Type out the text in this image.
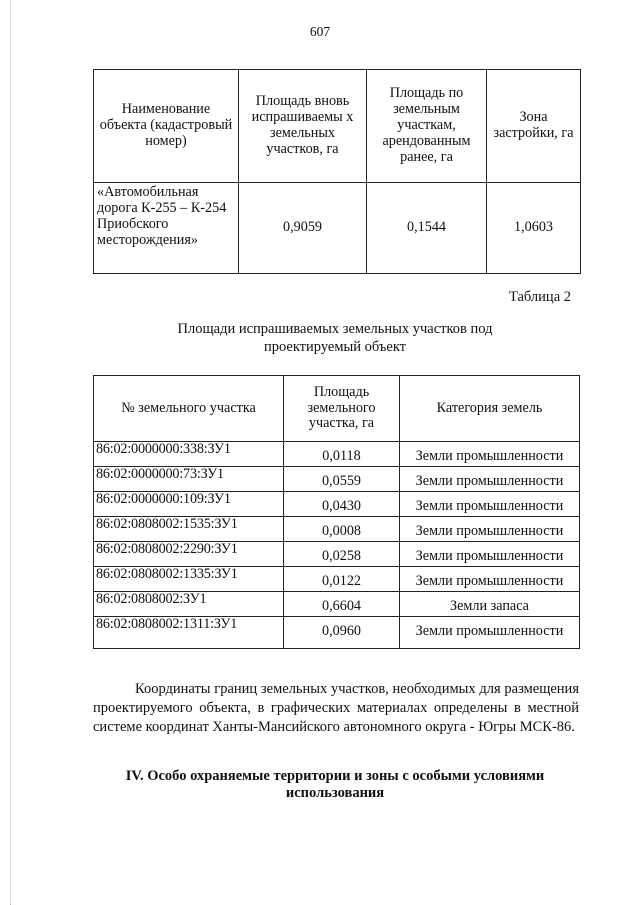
607
Наименование объекта (кадастровый номер)	Площадь вновь испрашиваемы х земельных участков, га	Площадь по земельным участкам, арендованным ранее, га	Зона застройки, га
«Автомобильная дорога К-255 – К-254 Приобского месторождения»	0,9059	0,1544	1,0603
Таблица 2
Площади испрашиваемых земельных участков под проектируемый объект
№ земельного участка	Площадь земельного участка, га	Категория земель
86:02:0000000:338:ЗУ1	0,0118	Земли промышленности
86:02:0000000:73:ЗУ1	0,0559	Земли промышленности
86:02:0000000:109:ЗУ1	0,0430	Земли промышленности
86:02:0808002:1535:ЗУ1	0,0008	Земли промышленности
86:02:0808002:2290:ЗУ1	0,0258	Земли промышленности
86:02:0808002:1335:ЗУ1	0,0122	Земли промышленности
86:02:0808002:ЗУ1	0,6604	Земли запаса
86:02:0808002:1311:ЗУ1	0,0960	Земли промышленности
Координаты границ земельных участков, необходимых для размещения проектируемого объекта, в графических материалах определены в местной системе координат Ханты-Мансийского автономного округа - Югры МСК-86.
IV. Особо охраняемые территории и зоны с особыми условиями использования
